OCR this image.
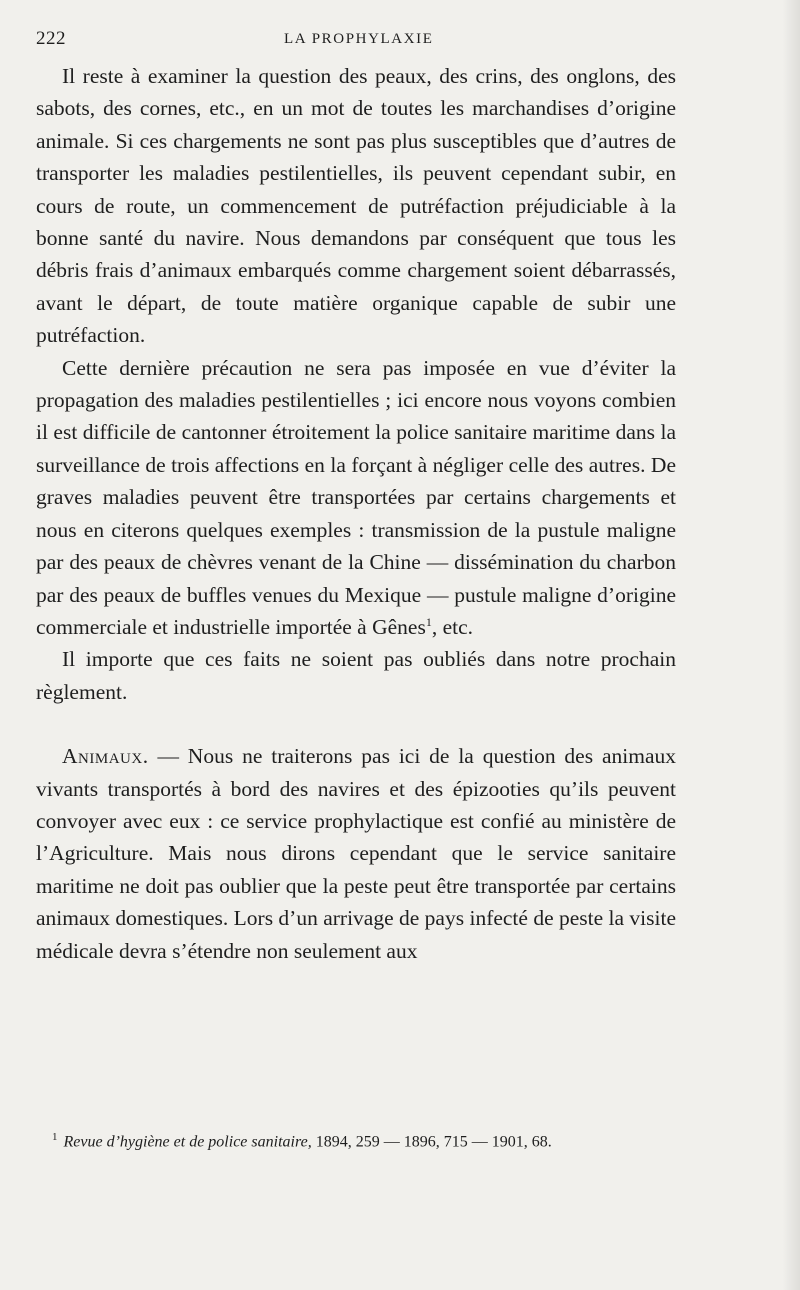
222	LA PROPHYLAXIE

Il reste à examiner la question des peaux, des crins, des onglons, des sabots, des cornes, etc., en un mot de toutes les marchandises d’origine animale. Si ces chargements ne sont pas plus susceptibles que d’autres de transporter les maladies pestilentielles, ils peuvent cependant subir, en cours de route, un commencement de putréfaction préjudiciable à la bonne santé du navire. Nous demandons par conséquent que tous les débris frais d’animaux embarqués comme chargement soient débarrassés, avant le départ, de toute matière organique capable de subir une putréfaction.

Cette dernière précaution ne sera pas imposée en vue d’éviter la propagation des maladies pestilentielles ; ici encore nous voyons combien il est difficile de cantonner étroitement la police sanitaire maritime dans la surveillance de trois affections en la forçant à négliger celle des autres. De graves maladies peuvent être transportées par certains chargements et nous en citerons quelques exemples : transmission de la pustule maligne par des peaux de chèvres venant de la Chine — dissémination du charbon par des peaux de buffles venues du Mexique — pustule maligne d’origine commerciale et industrielle importée à Gênes$^1$, etc.

Il importe que ces faits ne soient pas oubliés dans notre prochain règlement.

Animaux. — Nous ne traiterons pas ici de la question des animaux vivants transportés à bord des navires et des épizooties qu’ils peuvent convoyer avec eux : ce service prophylactique est confié au ministère de l’Agriculture. Mais nous dirons cependant que le service sanitaire maritime ne doit pas oublier que la peste peut être transportée par certains animaux domestiques. Lors d’un arrivage de pays infecté de peste la visite médicale devra s’étendre non seulement aux

$^1$ Revue d’hygiène et de police sanitaire, 1894, 259 — 1896, 715 — 1901, 68.
